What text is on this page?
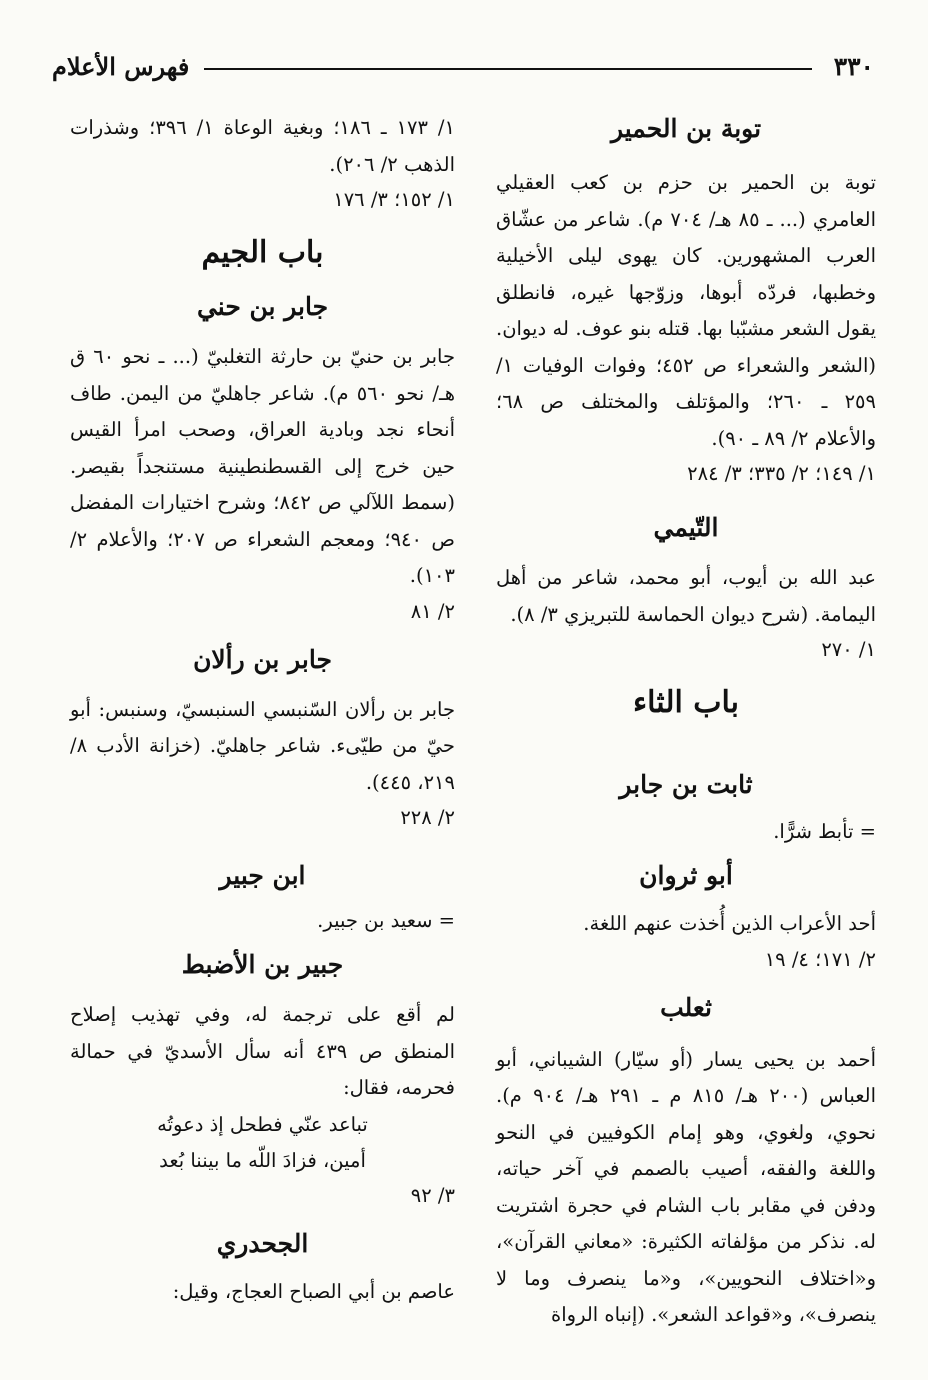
٣٣٠
فهرس الأعلام
توبة بن الحمير

توبة بن الحمير بن حزم بن كعب العقيلي العامري (... ـ ٨٥ هـ/ ٧٠٤ م). شاعر من عشّاق العرب المشهورين. كان يهوى ليلى الأخيلية وخطبها، فردّه أبوها، وزوّجها غيره، فانطلق يقول الشعر مشبّبا بها. قتله بنو عوف. له ديوان. (الشعر والشعراء ص ٤٥٢؛ وفوات الوفيات ١/ ٢٥٩ ـ ٢٦٠؛ والمؤتلف والمختلف ص ٦٨؛ والأعلام ٢/ ٨٩ ـ ٩٠).

١/ ١٤٩؛ ٢/ ٣٣٥؛ ٣/ ٢٨٤

التّيمي

عبد الله بن أيوب، أبو محمد، شاعر من أهل اليمامة. (شرح ديوان الحماسة للتبريزي ٣/ ٨).

١/ ٢٧٠

باب الثاء
ثابت بن جابر

= تأبط شرًّا.

أبو ثروان

أحد الأعراب الذين أُخذت عنهم اللغة.

٢/ ١٧١؛ ٤/ ١٩

ثعلب

أحمد بن يحيى يسار (أو سيّار) الشيباني، أبو العباس (٢٠٠ هـ/ ٨١٥ م ـ ٢٩١ هـ/ ٩٠٤ م). نحوي، ولغوي، وهو إمام الكوفيين في النحو واللغة والفقه، أصيب بالصمم في آخر حياته، ودفن في مقابر باب الشام في حجرة اشتريت له. نذكر من مؤلفاته الكثيرة: «معاني القرآن»، و«اختلاف النحويين»، و«ما ينصرف وما لا ينصرف»، و«قواعد الشعر». (إنباه الرواة

١/ ١٧٣ ـ ١٨٦؛ وبغية الوعاة ١/ ٣٩٦؛ وشذرات الذهب ٢/ ٢٠٦).

١/ ١٥٢؛ ٣/ ١٧٦

باب الجيم
جابر بن حني

جابر بن حنيّ بن حارثة التغلبيّ (... ـ نحو ٦٠ ق هـ/ نحو ٥٦٠ م). شاعر جاهليّ من اليمن. طاف أنحاء نجد وبادية العراق، وصحب امرأ القيس حين خرج إلى القسطنطينية مستنجداً بقيصر. (سمط اللآلي ص ٨٤٢؛ وشرح اختيارات المفضل ص ٩٤٠؛ ومعجم الشعراء ص ٢٠٧؛ والأعلام ٢/ ١٠٣).

٢/ ٨١

جابر بن رألان

جابر بن رألان السّنبسي السنبسيّ، وسنبس: أبو حيّ من طيّىء. شاعر جاهليّ. (خزانة الأدب ٨/ ٢١٩، ٤٤٥).

٢/ ٢٢٨

ابن جبير

= سعيد بن جبير.

جبير بن الأضبط

لم أقع على ترجمة له، وفي تهذيب إصلاح المنطق ص ٤٣٩ أنه سأل الأسديّ في حمالة فحرمه، فقال:

تباعد عنّي فطحل إذ دعوتُه
أمين، فزادَ اللّه ما بيننا بُعد

٣/ ٩٢

الجحدري

عاصم بن أبي الصباح العجاج، وقيل:
